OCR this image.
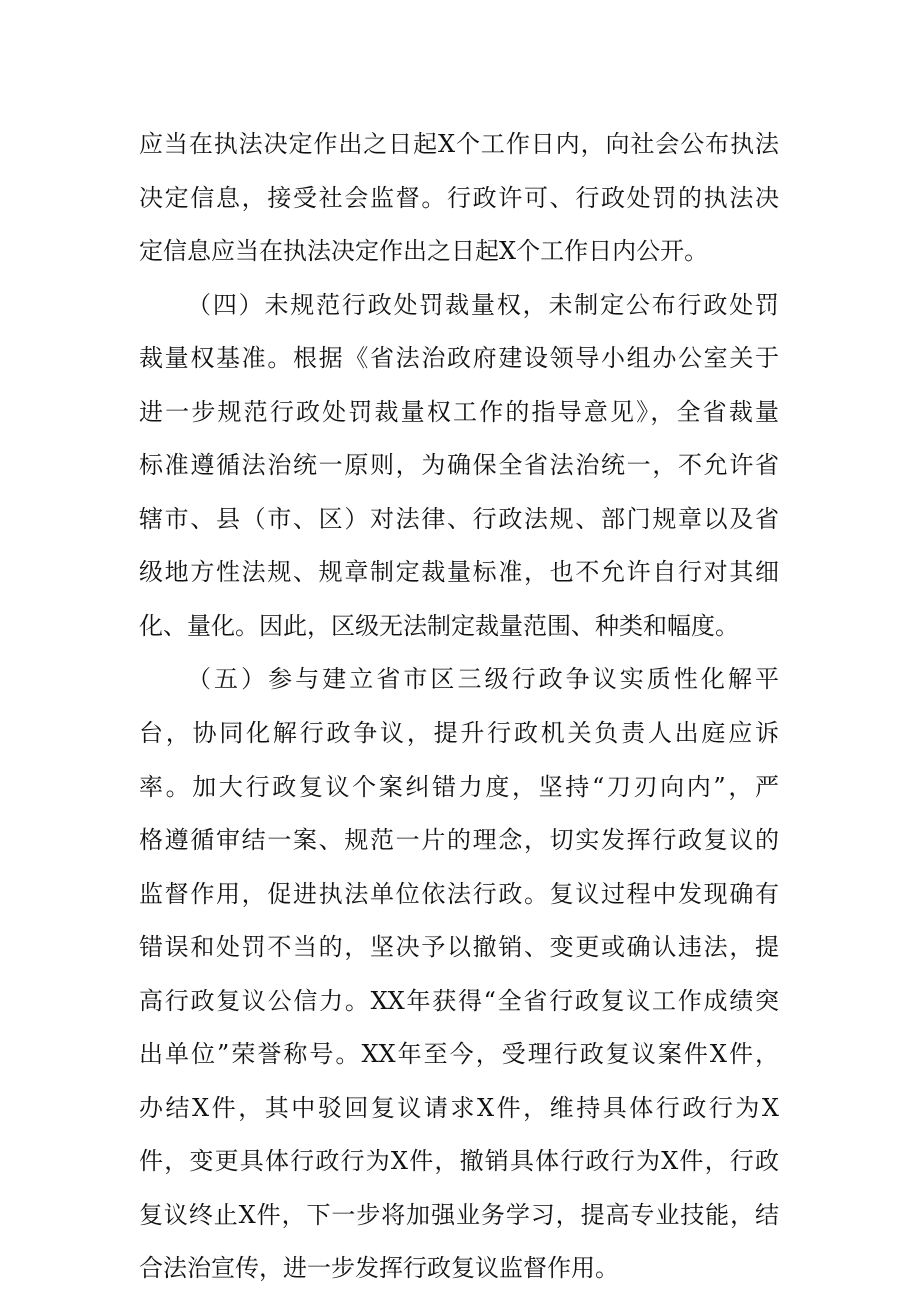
应当在执法决定作出之日起X个工作日内，向社会公布执法
决定信息，接受社会监督。行政许可、行政处罚的执法决
定信息应当在执法决定作出之日起X个工作日内公开。
（四）未规范行政处罚裁量权，未制定公布行政处罚
裁量权基准。根据《省法治政府建设领导小组办公室关于
进一步规范行政处罚裁量权工作的指导意见》，全省裁量
标准遵循法治统一原则，为确保全省法治统一，不允许省
辖市、县（市、区）对法律、行政法规、部门规章以及省
级地方性法规、规章制定裁量标准，也不允许自行对其细
化、量化。因此，区级无法制定裁量范围、种类和幅度。
（五）参与建立省市区三级行政争议实质性化解平
台，协同化解行政争议，提升行政机关负责人出庭应诉
率。加大行政复议个案纠错力度，坚持“刀刃向内”，严
格遵循审结一案、规范一片的理念，切实发挥行政复议的
监督作用，促进执法单位依法行政。复议过程中发现确有
错误和处罚不当的，坚决予以撤销、变更或确认违法，提
高行政复议公信力。XX年获得“全省行政复议工作成绩突
出单位”荣誉称号。XX年至今，受理行政复议案件X件，
办结X件，其中驳回复议请求X件，维持具体行政行为X
件，变更具体行政行为X件，撤销具体行政行为X件，行政
复议终止X件，下一步将加强业务学习，提高专业技能，结
合法治宣传，进一步发挥行政复议监督作用。
